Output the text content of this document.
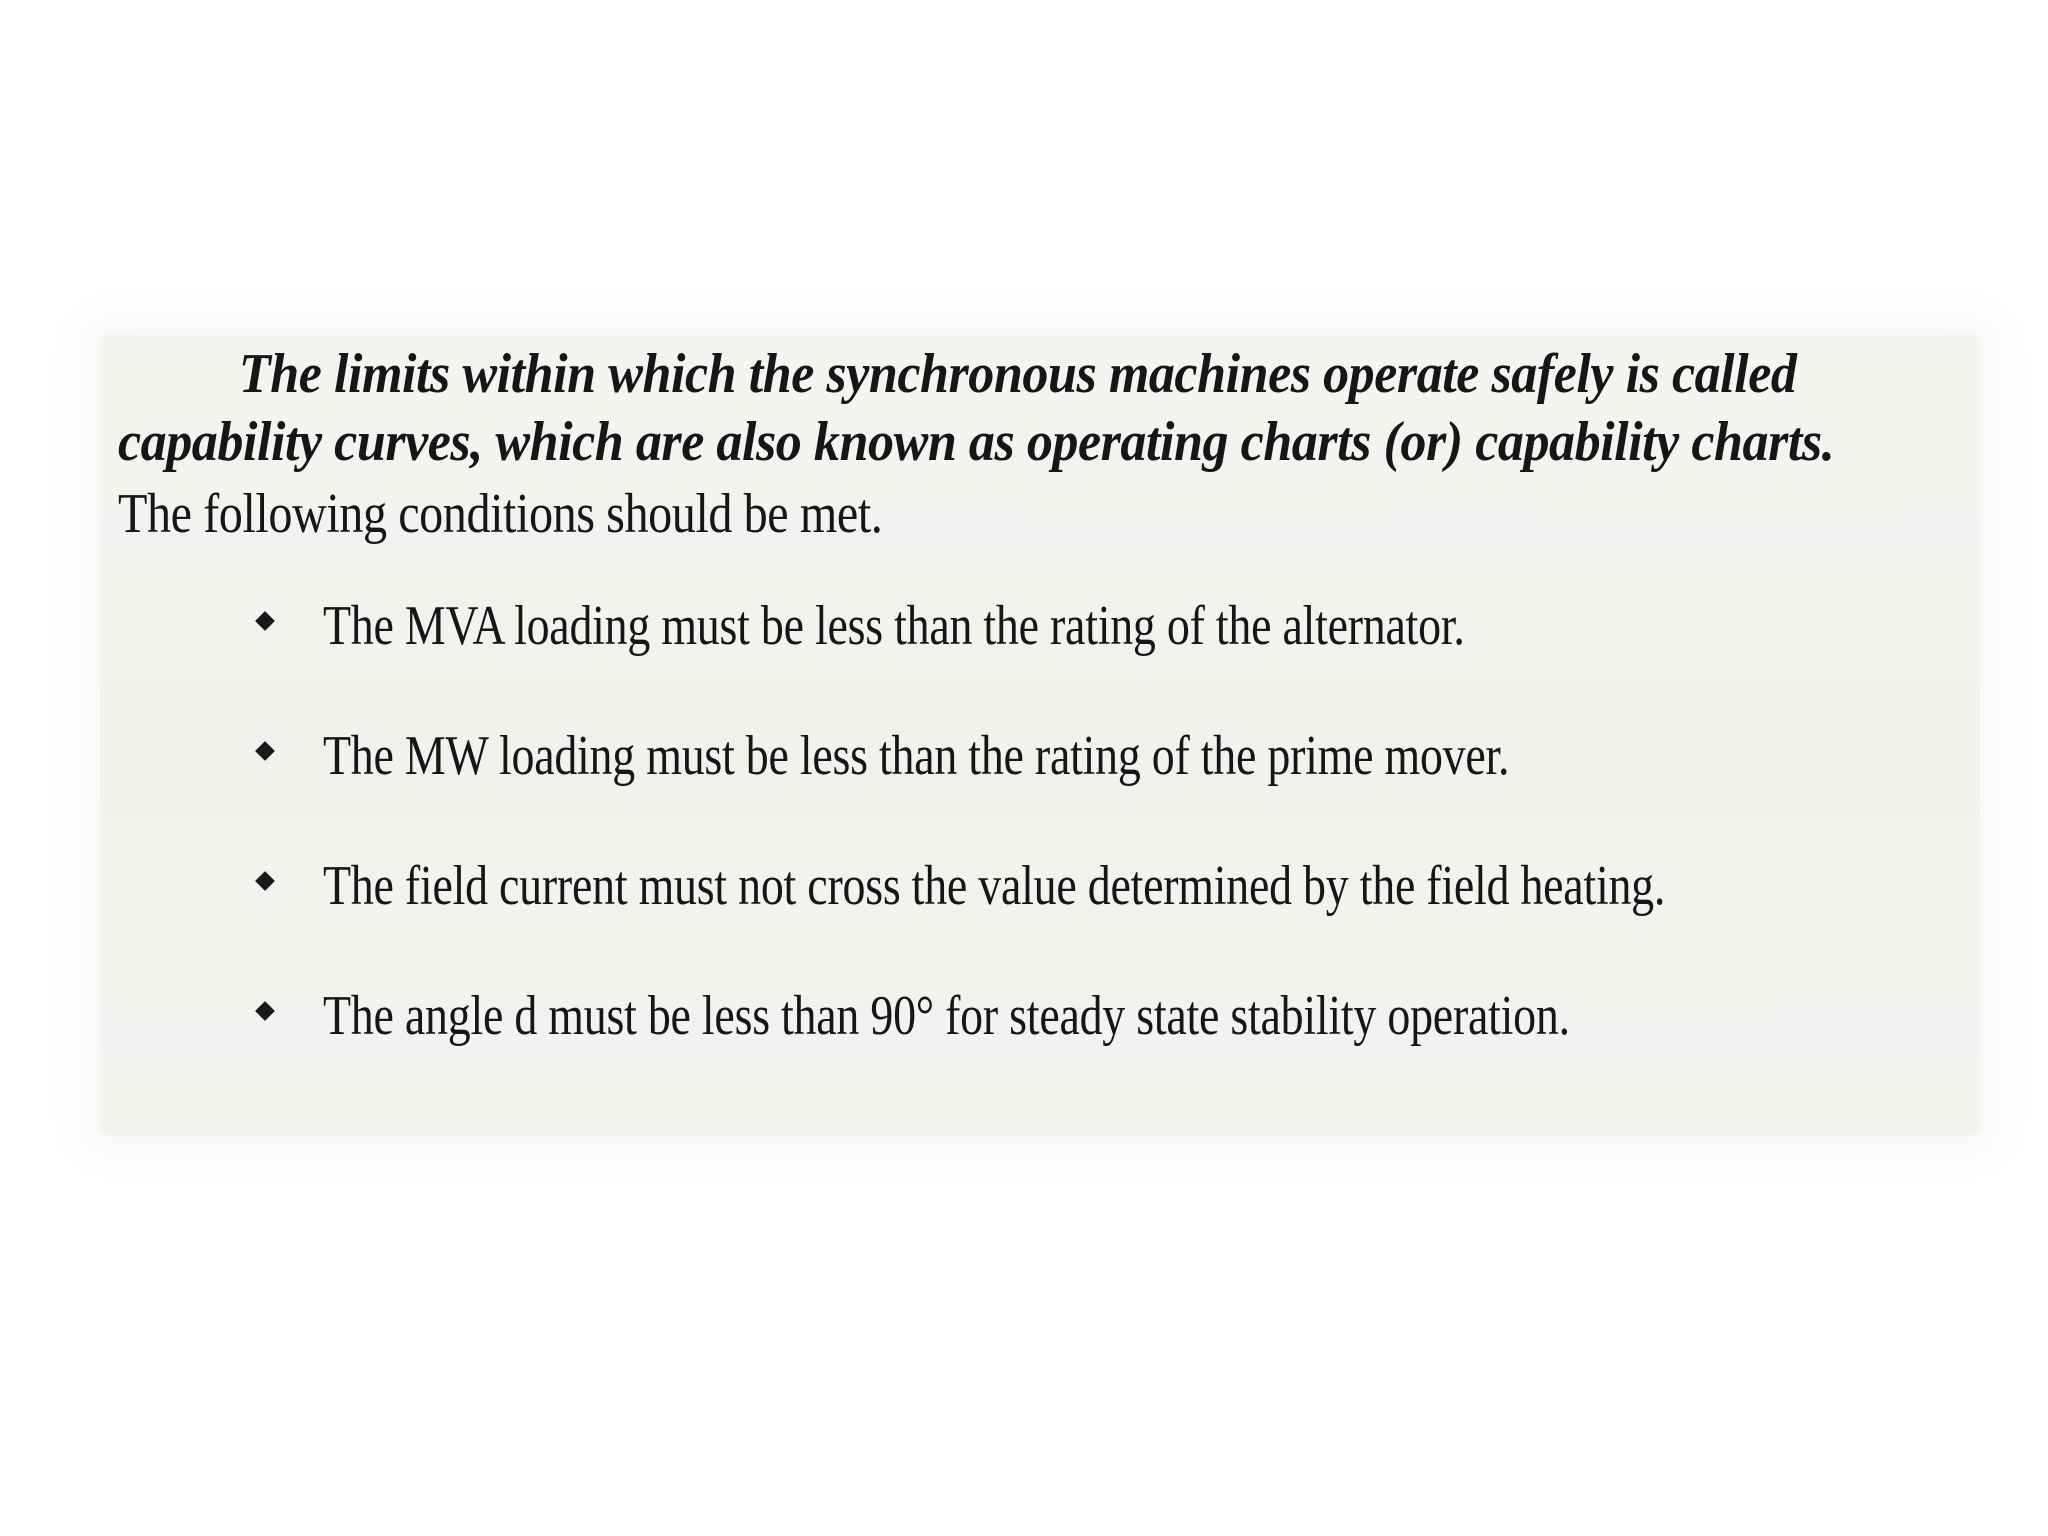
The limits within which the synchronous machines operate safely is called
capability curves, which are also known as operating charts (or) capability charts.
The following conditions should be met.
The MVA loading must be less than the rating of the alternator.
The MW loading must be less than the rating of the prime mover.
The field current must not cross the value determined by the field heating.
The angle d must be less than 90° for steady state stability operation.
